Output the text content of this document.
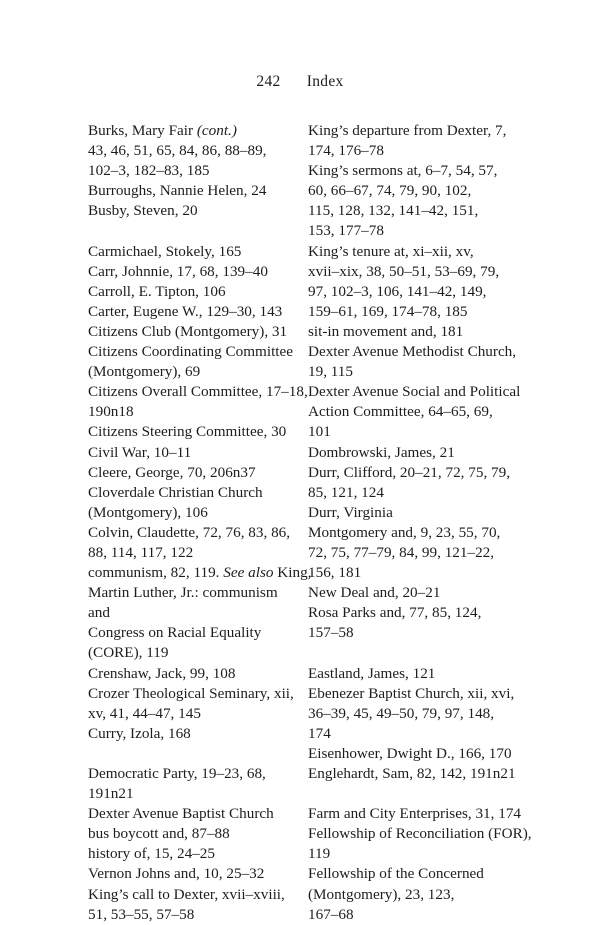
242 Index

Burks, Mary Fair (cont.)

43, 46, 51, 65, 84, 86, 88–89,

102–3, 182–83, 185

Burroughs, Nannie Helen, 24

Busby, Steven, 20

Carmichael, Stokely, 165

Carr, Johnnie, 17, 68, 139–40

Carroll, E. Tipton, 106

Carter, Eugene W., 129–30, 143

Citizens Club (Montgomery), 31

Citizens Coordinating Committee

(Montgomery), 69

Citizens Overall Committee, 17–18,

190n18

Citizens Steering Committee, 30

Civil War, 10–11

Cleere, George, 70, 206n37

Cloverdale Christian Church

(Montgomery), 106

Colvin, Claudette, 72, 76, 83, 86,

88, 114, 117, 122

communism, 82, 119. See also King,

Martin Luther, Jr.: communism

and

Congress on Racial Equality

(CORE), 119

Crenshaw, Jack, 99, 108

Crozer Theological Seminary, xii,

xv, 41, 44–47, 145

Curry, Izola, 168

Democratic Party, 19–23, 68,

191n21

Dexter Avenue Baptist Church

bus boycott and, 87–88

history of, 15, 24–25

Vernon Johns and, 10, 25–32

King’s call to Dexter, xvii–xviii,

51, 53–55, 57–58

King’s departure from Dexter, 7,

174, 176–78

King’s sermons at, 6–7, 54, 57,

60, 66–67, 74, 79, 90, 102,

115, 128, 132, 141–42, 151,

153, 177–78

King’s tenure at, xi–xii, xv,

xvii–xix, 38, 50–51, 53–69, 79,

97, 102–3, 106, 141–42, 149,

159–61, 169, 174–78, 185

sit-in movement and, 181

Dexter Avenue Methodist Church,

19, 115

Dexter Avenue Social and Political

Action Committee, 64–65, 69,

101

Dombrowski, James, 21

Durr, Clifford, 20–21, 72, 75, 79,

85, 121, 124

Durr, Virginia

Montgomery and, 9, 23, 55, 70,

72, 75, 77–79, 84, 99, 121–22,

156, 181

New Deal and, 20–21

Rosa Parks and, 77, 85, 124,

157–58

Eastland, James, 121

Ebenezer Baptist Church, xii, xvi,

36–39, 45, 49–50, 79, 97, 148,

174

Eisenhower, Dwight D., 166, 170

Englehardt, Sam, 82, 142, 191n21

Farm and City Enterprises, 31, 174

Fellowship of Reconciliation (FOR),

119

Fellowship of the Concerned

(Montgomery), 23, 123,

167–68
